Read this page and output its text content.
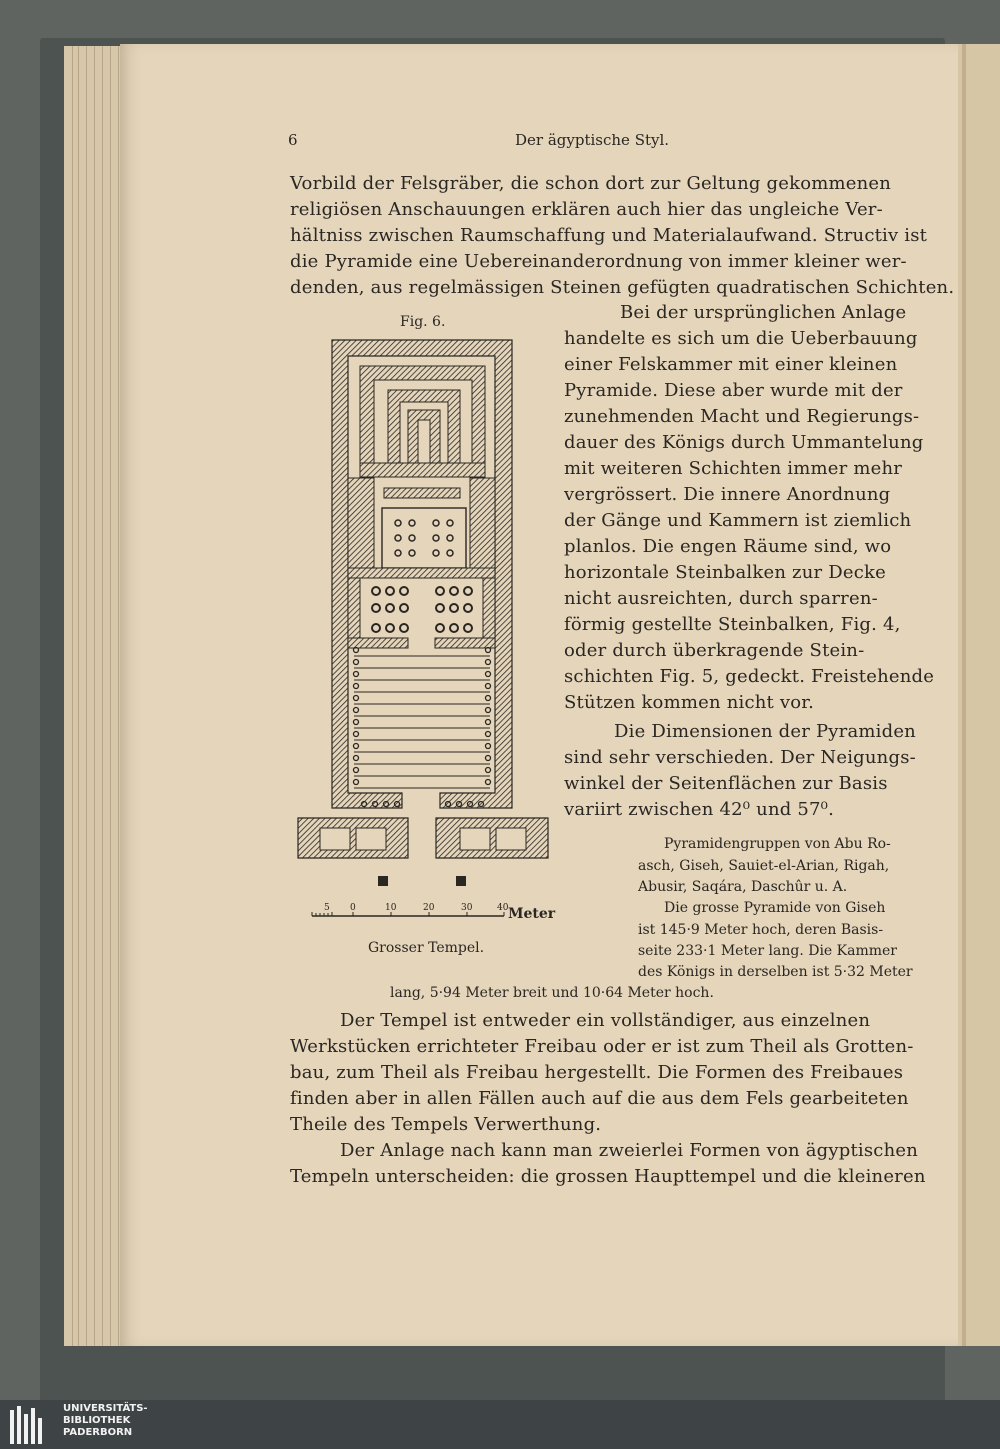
6	Der ägyptische Styl.
Vorbild der Felsgräber, die schon dort zur Geltung gekommenen
religiösen Anschauungen erklären auch hier das ungleiche Ver-
hältniss zwischen Raumschaffung und Materialaufwand. Structiv ist
die Pyramide eine Uebereinanderordnung von immer kleiner wer-
denden, aus regelmässigen Steinen gefügten quadratischen Schichten.
Bei der ursprünglichen Anlage
handelte es sich um die Ueberbauung
einer Felskammer mit einer kleinen
Pyramide. Diese aber wurde mit der
zunehmenden Macht und Regierungs-
dauer des Königs durch Ummantelung
mit weiteren Schichten immer mehr
vergrössert. Die innere Anordnung
der Gänge und Kammern ist ziemlich
planlos. Die engen Räume sind, wo
horizontale Steinbalken zur Decke
nicht ausreichten, durch sparren-
förmig gestellte Steinbalken, Fig. 4,
oder durch überkragende Stein-
schichten Fig. 5, gedeckt. Freistehende
Stützen kommen nicht vor.
Die Dimensionen der Pyramiden
sind sehr verschieden. Der Neigungs-
winkel der Seitenflächen zur Basis
variirt zwischen 42⁰ und 57⁰.
Pyramidengruppen von Abu Ro-
asch, Giseh, Sauiet-el-Arian, Rigah,
Abusir, Saqára, Daschûr u. A.
Die grosse Pyramide von Giseh
ist 145·9 Meter hoch, deren Basis-
seite 233·1 Meter lang. Die Kammer
des Königs in derselben ist 5·32 Meter
lang, 5·94 Meter breit und 10·64 Meter hoch.
Der Tempel ist entweder ein vollständiger, aus einzelnen
Werkstücken errichteter Freibau oder er ist zum Theil als Grotten-
bau, zum Theil als Freibau hergestellt. Die Formen des Freibaues
finden aber in allen Fällen auch auf die aus dem Fels gearbeiteten
Theile des Tempels Verwerthung.
Der Anlage nach kann man zweierlei Formen von ägyptischen
Tempeln unterscheiden: die grossen Haupttempel und die kleineren
Fig. 6.
5 0	10	20	30	40 Meter
Grosser Tempel.
UNIVERSITÄTS-
BIBLIOTHEK
PADERBORN
